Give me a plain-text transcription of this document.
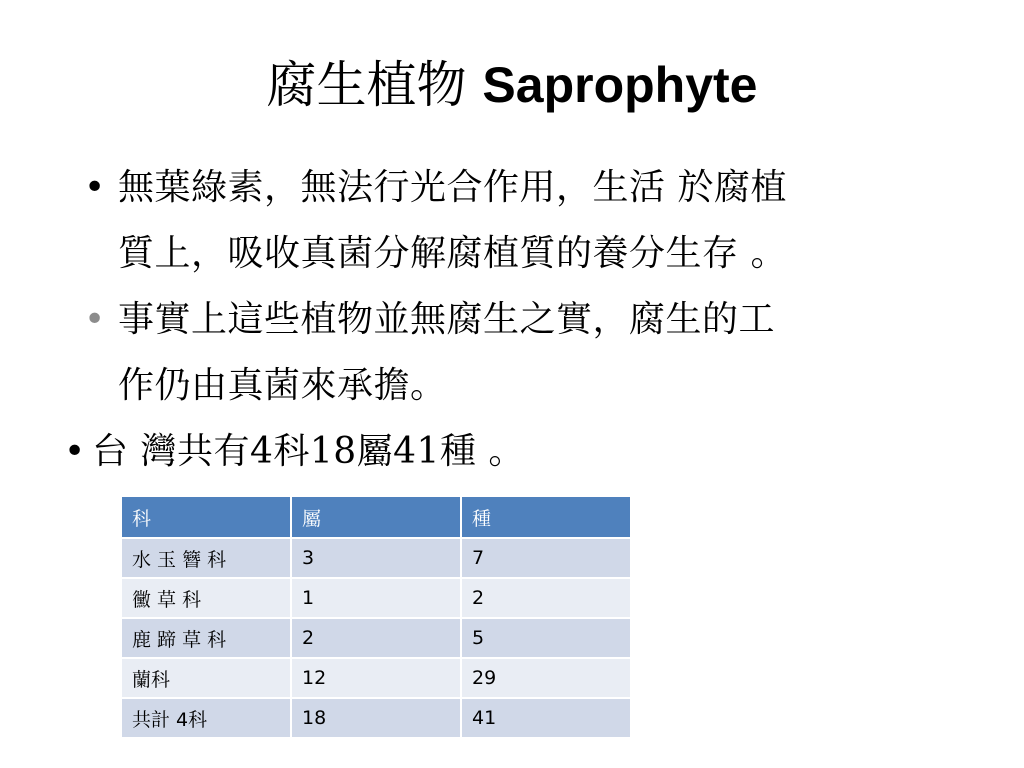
腐生植物 Saprophyte
• 無葉綠素，無法行光合作用，生活 於腐植
質上，吸收真菌分解腐植質的養分生存 。
• 事實上這些植物並無腐生之實，腐生的工
作仍由真菌來承擔。
• 台 灣共有4科18屬41種 。
科	屬	種
水 玉 簪 科	3	7
黴 草 科	1	2
鹿 蹄 草 科	2	5
蘭科	12	29
共計 4科	18	41
